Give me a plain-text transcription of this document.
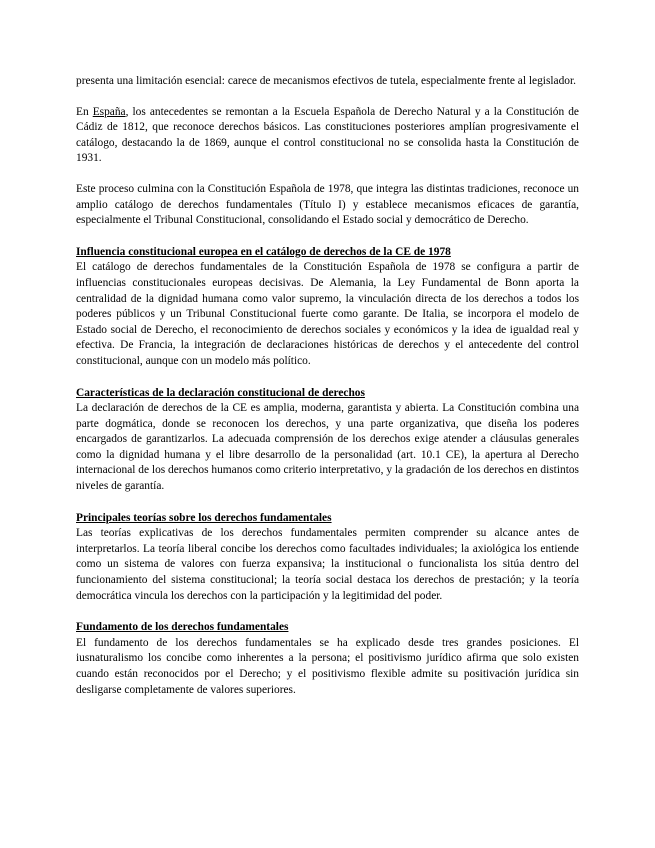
presenta una limitación esencial: carece de mecanismos efectivos de tutela, especialmente frente al legislador.

En España, los antecedentes se remontan a la Escuela Española de Derecho Natural y a la Constitución de Cádiz de 1812, que reconoce derechos básicos. Las constituciones posteriores amplían progresivamente el catálogo, destacando la de 1869, aunque el control constitucional no se consolida hasta la Constitución de 1931.

Este proceso culmina con la Constitución Española de 1978, que integra las distintas tradiciones, reconoce un amplio catálogo de derechos fundamentales (Título I) y establece mecanismos eficaces de garantía, especialmente el Tribunal Constitucional, consolidando el Estado social y democrático de Derecho.

Influencia constitucional europea en el catálogo de derechos de la CE de 1978

El catálogo de derechos fundamentales de la Constitución Española de 1978 se configura a partir de influencias constitucionales europeas decisivas. De Alemania, la Ley Fundamental de Bonn aporta la centralidad de la dignidad humana como valor supremo, la vinculación directa de los derechos a todos los poderes públicos y un Tribunal Constitucional fuerte como garante. De Italia, se incorpora el modelo de Estado social de Derecho, el reconocimiento de derechos sociales y económicos y la idea de igualdad real y efectiva. De Francia, la integración de declaraciones históricas de derechos y el antecedente del control constitucional, aunque con un modelo más político.

Características de la declaración constitucional de derechos

La declaración de derechos de la CE es amplia, moderna, garantista y abierta. La Constitución combina una parte dogmática, donde se reconocen los derechos, y una parte organizativa, que diseña los poderes encargados de garantizarlos. La adecuada comprensión de los derechos exige atender a cláusulas generales como la dignidad humana y el libre desarrollo de la personalidad (art. 10.1 CE), la apertura al Derecho internacional de los derechos humanos como criterio interpretativo, y la gradación de los derechos en distintos niveles de garantía.

Principales teorías sobre los derechos fundamentales

Las teorías explicativas de los derechos fundamentales permiten comprender su alcance antes de interpretarlos. La teoría liberal concibe los derechos como facultades individuales; la axiológica los entiende como un sistema de valores con fuerza expansiva; la institucional o funcionalista los sitúa dentro del funcionamiento del sistema constitucional; la teoría social destaca los derechos de prestación; y la teoría democrática vincula los derechos con la participación y la legitimidad del poder.

Fundamento de los derechos fundamentales

El fundamento de los derechos fundamentales se ha explicado desde tres grandes posiciones. El iusnaturalismo los concibe como inherentes a la persona; el positivismo jurídico afirma que solo existen cuando están reconocidos por el Derecho; y el positivismo flexible admite su positivación jurídica sin desligarse completamente de valores superiores.
